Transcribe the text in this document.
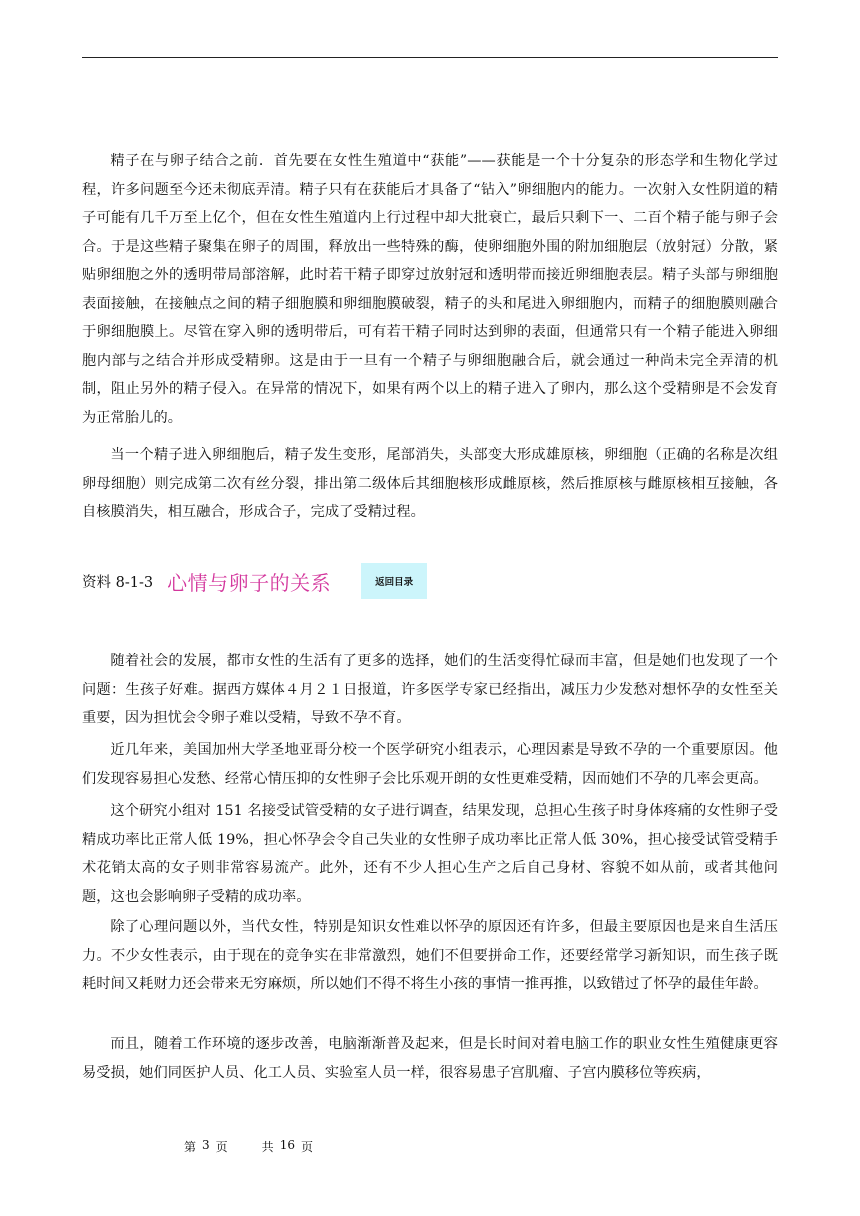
精子在与卵子结合之前．首先要在女性生殖道中“获能”——获能是一个十分复杂的形态学和生物化学过程，许多问题至今还未彻底弄清。精子只有在获能后才具备了“钻入”卵细胞内的能力。一次射入女性阴道的精子可能有几千万至上亿个，但在女性生殖道内上行过程中却大批衰亡，最后只剩下一、二百个精子能与卵子会合。于是这些精子聚集在卵子的周围，释放出一些特殊的酶，使卵细胞外围的附加细胞层（放射冠）分散，紧贴卵细胞之外的透明带局部溶解，此时若干精子即穿过放射冠和透明带而接近卵细胞表层。精子头部与卵细胞表面接触，在接触点之间的精子细胞膜和卵细胞膜破裂，精子的头和尾进入卵细胞内，而精子的细胞膜则融合于卵细胞膜上。尽管在穿入卵的透明带后，可有若干精子同时达到卵的表面，但通常只有一个精子能进入卵细胞内部与之结合并形成受精卵。这是由于一旦有一个精子与卵细胞融合后，就会通过一种尚未完全弄清的机制，阻止另外的精子侵入。在异常的情况下，如果有两个以上的精子进入了卵内，那么这个受精卵是不会发育为正常胎儿的。

当一个精子进入卵细胞后，精子发生变形，尾部消失，头部变大形成雄原核，卵细胞（正确的名称是次组卵母细胞）则完成第二次有丝分裂，排出第二级体后其细胞核形成雌原核，然后推原核与雌原核相互接触，各自核膜消失，相互融合，形成合子，完成了受精过程。

资料 8-1-3 心情与卵子的关系	返回目录

随着社会的发展，都市女性的生活有了更多的选择，她们的生活变得忙碌而丰富，但是她们也发现了一个问题：生孩子好难。据西方媒体４月２１日报道，许多医学专家已经指出，减压力少发愁对想怀孕的女性至关重要，因为担忧会令卵子难以受精，导致不孕不育。

近几年来，美国加州大学圣地亚哥分校一个医学研究小组表示，心理因素是导致不孕的一个重要原因。他们发现容易担心发愁、经常心情压抑的女性卵子会比乐观开朗的女性更难受精，因而她们不孕的几率会更高。

这个研究小组对 151 名接受试管受精的女子进行调查，结果发现，总担心生孩子时身体疼痛的女性卵子受精成功率比正常人低 19%，担心怀孕会令自己失业的女性卵子成功率比正常人低 30%，担心接受试管受精手术花销太高的女子则非常容易流产。此外，还有不少人担心生产之后自己身材、容貌不如从前，或者其他问题，这也会影响卵子受精的成功率。

除了心理问题以外，当代女性，特别是知识女性难以怀孕的原因还有许多，但最主要原因也是来自生活压力。不少女性表示，由于现在的竞争实在非常激烈，她们不但要拼命工作，还要经常学习新知识，而生孩子既耗时间又耗财力还会带来无穷麻烦，所以她们不得不将生小孩的事情一推再推，以致错过了怀孕的最佳年龄。

而且，随着工作环境的逐步改善，电脑渐渐普及起来，但是长时间对着电脑工作的职业女性生殖健康更容易受损，她们同医护人员、化工人员、实验室人员一样，很容易患子宫肌瘤、子宫内膜移位等疾病，

第 3 页	共 16 页
